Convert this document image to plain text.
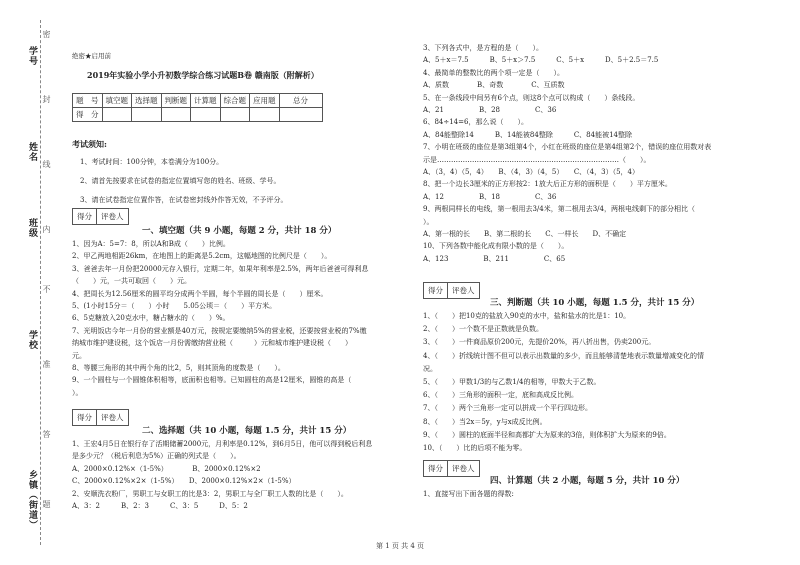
学号
姓名
班级
学校
乡镇（街道）
密
封
线
内
不
准
答
题
绝密★启用前
2019年实验小学小升初数学综合练习试题B卷 赣南版（附解析）
题　号	填空题	选择题	判断题	计算题	综合题	应用题	总分
得　分							
考试须知:
1、考试时间：100分钟，本卷满分为100分。
2、请首先按要求在试卷的指定位置填写您的姓名、班级、学号。
3、请在试卷指定位置作答，在试卷密封线外作答无效，不予评分。
得分	评卷人
一、填空题（共 9 小题，每题 2 分，共计 18 分）
1、因为A：5=7：8，所以A和B成（　　）比例。
2、甲乙两地相距26km，在地图上的距离是5.2cm，这幅地图的比例尺是（　　）。
3、爸爸去年一月份把20000元存入银行，定期二年，如果年利率是2.5%，两年后爸爸可得利息
（　　）元，一共可取回（　　）元。
4、把周长为12.56厘米的圆平均分成两个半圆，每个半圆的周长是（　　）厘米。
5、(1小时15分＝（　　）小时　　5.05公顷＝（　　）平方米。
6、5克糖放入20克水中，糖占糖水的（　　）%。
7、光明饭店今年一月份的营业额是40万元，按规定要缴纳5%的营业税，还要按营业税的7%缴
纳城市维护建设税，这个饭店一月份需缴纳营业税（　　　）元和城市维护建设税（　　）
元。
8、等腰三角形的其中两个角的比2，5，则其顶角的度数是（　　）。
9、一个圆柱与一个圆锥体积相等，底面积也相等。已知圆柱的高是12厘米，圆锥的高是（
）。
得分	评卷人
二、选择题（共 10 小题，每题 1.5 分，共计 15 分）
1、王宏4月5日在银行存了活期储蓄2000元，月利率是0.12%，到6月5日，他可以得到税后利息
是多少元？（税后利息为5%）正确的列式是（　　）。
A、2000×0.12%×（1-5%）　　　　B、2000×0.12%×2
C、2000×0.12%×2×（1-5%）　　D、2000×0.12%×2×（1-5%）
2、安顺洗衣粉厂，男职工与女职工的比是3：2，男职工与全厂职工人数的比是（　　）。
A、3：2　　　B、2：3　　　C、3：5　　　D、5：2
3、下列各式中，是方程的是（　　）。
A、5＋x＝7.5　　　B、5＋x＞7.5　　　C、5＋x　　　D、5＋2.5＝7.5
4、最简单的整数比的两个项一定是（　　）。
A、质数　　　　B、奇数　　　　C、互质数
5、在一条线段中间另有6个点，则这8个点可以构成（　　）条线段。
A、21　　　　　B、28　　　　　C、36
6、84÷14=6，那么说（　　）。
A、84能整除14　　　B、14能被84整除　　　C、84能被14整除
7、小明在班级的座位是第3组第4个，小红在班级的座位是第4组第2个，错误的座位用数对表
示是……………………………………………………………………（　　）。
A、（3，4）（5，4）　　B、（4，3）（4，5）　　C、（4，3）（5，4）
8、把一个边长3厘米的正方形按2：1放大后正方形的面积是（　　）平方厘米。
A、12　　　　　B、18　　　　　C、36
9、两根同样长的电线，第一根用去3/4米，第二根用去3/4，两根电线剩下的部分相比（
）。
A、第一根的长　　B、第二根的长　　C、一样长　　D、不确定
10、下列各数中能化成有限小数的是（　　）。
A、123　　　　　B、211　　　　　C、65
得分	评卷人
三、判断题（共 10 小题，每题 1.5 分，共计 15 分）
1、（　　）把10克的盐放入90克的水中，盐和盐水的比是1：10。
2、（　　）一个数不是正数就是负数。
3、（　　）一件商品原价200元，先提价20%，再八折出售，仍卖200元。
4、（　　）折线统计图不但可以表示出数量的多少，而且能够清楚地表示数量增减变化的情
况。
5、（　　）甲数1/3的与乙数1/4的相等，甲数大于乙数。
6、（　　）三角形的面积一定，底和高成反比例。
7、（　　）两个三角形一定可以拼成一个平行四边形。
8、（　　）当2x＝5y，y与x成反比例。
9、（　　）圆柱的底面半径和高都扩大为原来的3倍，则体积扩大为原来的9倍。
10、（　　）比的后项不能为零。
得分	评卷人
四、计算题（共 2 小题，每题 5 分，共计 10 分）
1、直接写出下面各题的得数:
第 1 页 共 4 页
